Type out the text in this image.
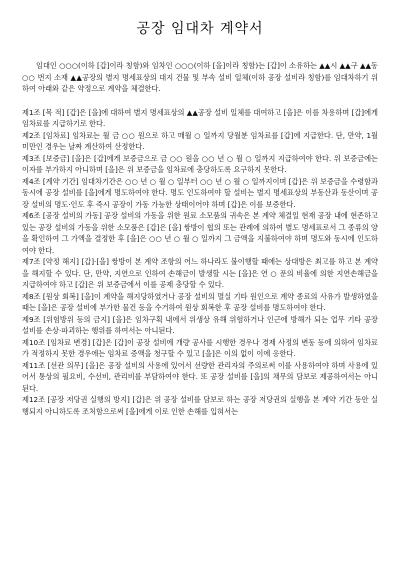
공장 임대차 계약서

임대인 ○○○(이하 [갑]이라 칭함)와 임차인 ○○○(이하 [을]이라 칭함)는 [갑]이 소유하는 ▲▲시 ▲▲구 ▲▲동 ○○ 번지 소재 ▲▲공장의 별지 명세표상의 대지 건물 및 부속 설비 일체(이하 공장 설비라 칭함)를 임대차하기 위하여 아래와 같은 약정으로 계약을 체결한다.

제1조 [목 적] [갑]은 [을]에 대하여 별지 명세표상의 ▲▲공장 설비 일체를 대여하고 [을]은 이를 차용하며 [갑]에게 임차료를 지급하기로 한다.

제2조 [임차료] 임차료는 월 금 ○○ 원으로 하고 매월 ○ 일까지 당월분 임차료를 [갑]에 지급한다. 단, 만약, 1월 미만인 경우는 날짜 계산하여 산정한다.

제3조 [보증금] [을]은 [갑]에게 보증금으로 금 ○○ 원을 ○○ 년 ○ 월 ○ 일까지 지급하여야 한다. 위 보증금에는 이자를 부가하지 아니하며 [을]은 위 보증금을 임차료에 충당하도록 요구하지 못한다.

제4조 [계약 기간] 임대차기간은 ○○ 년 ○ 월 ○ 일부터 ○○ 년 ○ 월 ○ 일까지이며 [갑]은 위 보증금을 수령함과 동시에 공장 설비를 [을]에게 명도하여야 한다. 명도 인도하여야 할 설비는 별지 명세표상의 부동산과 동산이며 공장 설비의 명도·인도 후 즉시 공장이 가동 가능한 상태이어야 하며 [갑]은 이를 보증한다.

제6조 [공장 설비의 가동] 공장 설비의 가동을 위한 원료 소모품의 귀속은 본 계약 체결일 현재 공장 내에 현존하고 있는 공장 설비의 가동을 위한 소모품은 [갑]은 [을] 쌍방이 협의 또는 관례에 의하여 별도 명세표로서 그 종류의 양을 확인하여 그 가액을 결정한 후 [을]은 ○○ 년 ○ 월 ○ 일까지 그 금액을 지불하여야 하며 명도와 동시에 인도하여야 한다.

제7조 [약정 해지] [갑]·[을] 쌍방이 본 계약 조항의 어느 하나라도 불이행할 때에는 상대방은 최고를 하고 본 계약을 해지할 수 있다. 단, 만약, 지연으로 인하여 손해금이 발생할 시는 [을]은 연 ○ 푼의 비율에 의한 지연손해금을 지급하여야 하고 [갑]은 위 보증금에서 이를 공제 충당할 수 있다.

제8조 [원상 회복] [을]이 계약을 해지당하였거나 공장 설비의 멸실 기타 원인으로 계약 종료의 사유가 발생하였을 때는 [을]은 공장 설비에 부가한 물건 등을 수거하여 원상 회복한 후 공장 설비를 명도하여야 한다.

제9조 [위험방위 등의 금지] [을]은 임차구획 내에서 위생상 유해 위험하거나 인근에 방해가 되는 업무 기타 공장 설비를 손상·파괴하는 행위를 하여서는 아니된다.

제10조 [임차료 변경] [갑]은 [갑]이 공장 설비에 개량 공사를 시행한 경우나 경제 사정의 변동 등에 의하여 임차료가 적정하지 못한 경우에는 임차료 증액을 청구할 수 있고 [을]은 이의 없이 이에 응한다.

제11조 [선관 의무] [을]은 공장 설비의 사용에 있어서 선량한 관리자의 주의로써 이를 사용하여야 하며 사용에 있어서 통상의 필요비, 수선비, 관리비를 부담하여야 한다. 또 공장 설비를 [을]의 채무의 담보로 제공하여서는 아니된다.

제12조 [공장 저당권 실행의 방지] [갑]은 위 공장 설비를 담보로 하는 공장 저당권의 실행을 본 계약 기간 동안 실행되지 아니하도록 조처함으로써 [을]에게 이로 인한 손해를 입혀서는
